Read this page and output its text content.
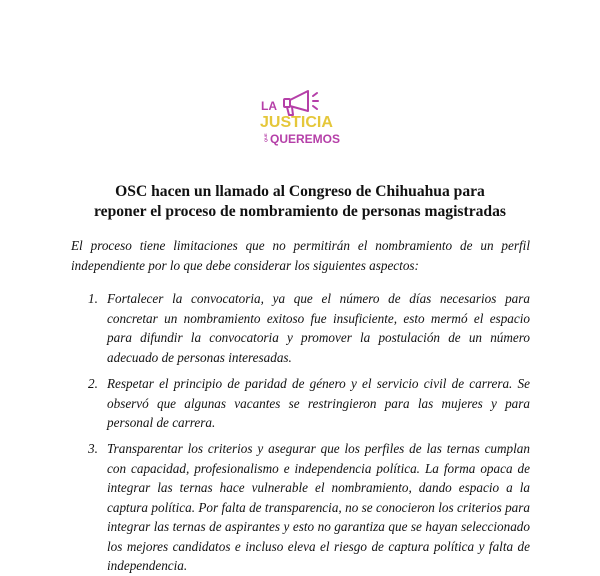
LA
JUSTICIA
QUE QUEREMOS
OSC hacen un llamado al Congreso de Chihuahua para
reponer el proceso de nombramiento de personas magistradas
El proceso tiene limitaciones que no permitirán el nombramiento de un perfil independiente por lo que debe considerar los siguientes aspectos:
1. Fortalecer la convocatoria, ya que el número de días necesarios para concretar un nombramiento exitoso fue insuficiente, esto mermó el espacio para difundir la convocatoria y promover la postulación de un número adecuado de personas interesadas.
2. Respetar el principio de paridad de género y el servicio civil de carrera. Se observó que algunas vacantes se restringieron para las mujeres y para personal de carrera.
3. Transparentar los criterios y asegurar que los perfiles de las ternas cumplan con capacidad, profesionalismo e independencia política. La forma opaca de integrar las ternas hace vulnerable el nombramiento, dando espacio a la captura política. Por falta de transparencia, no se conocieron los criterios para integrar las ternas de aspirantes y esto no garantiza que se hayan seleccionado los mejores candidatos e incluso eleva el riesgo de captura política y falta de independencia.
